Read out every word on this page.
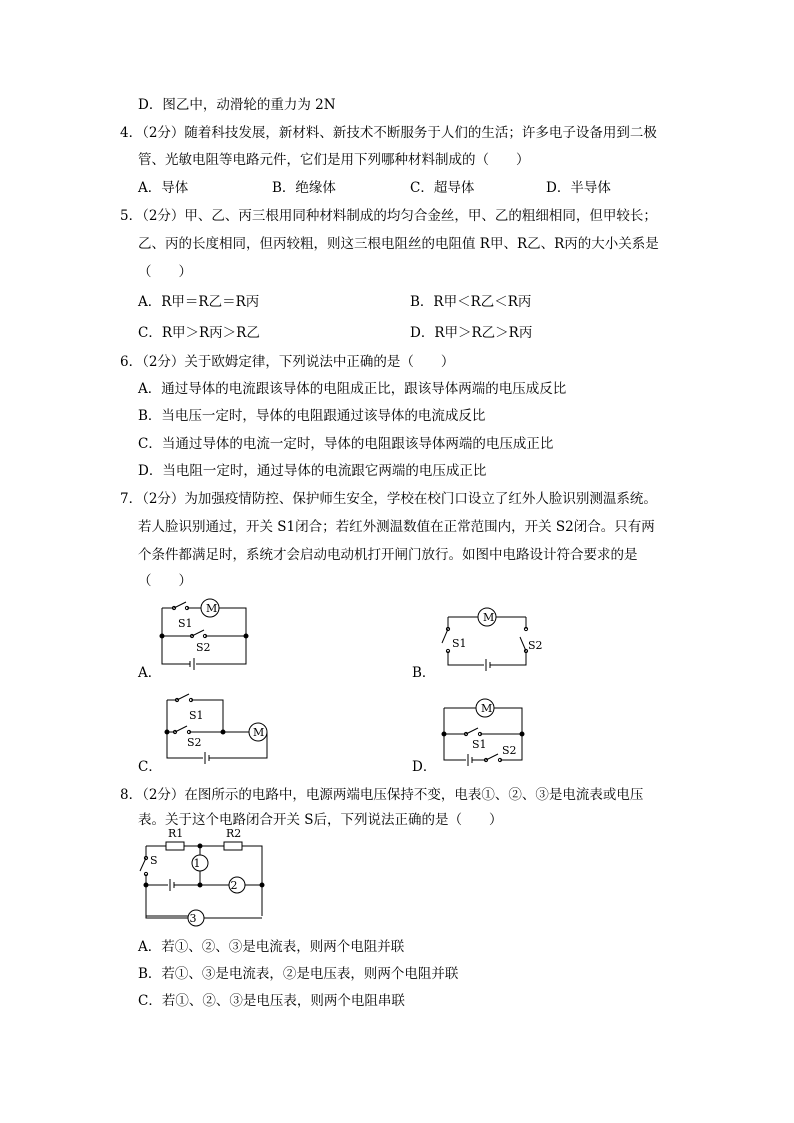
D．图乙中，动滑轮的重力为 2N
4．（2分）随着科技发展，新材料、新技术不断服务于人们的生活；许多电子设备用到二极
管、光敏电阻等电路元件，它们是用下列哪种材料制成的（　　）
A．导体	B．绝缘体	C．超导体	D．半导体
5．（2分）甲、乙、丙三根用同种材料制成的均匀合金丝，甲、乙的粗细相同，但甲较长；
乙、丙的长度相同，但丙较粗，则这三根电阻丝的电阻值 R甲、R乙、R丙的大小关系是
（　　）
A．R甲＝R乙＝R丙	B．R甲＜R乙＜R丙
C．R甲＞R丙＞R乙	D．R甲＞R乙＞R丙
6．（2分）关于欧姆定律，下列说法中正确的是（　　）
A．通过导体的电流跟该导体的电阻成正比，跟该导体两端的电压成反比
B．当电压一定时，导体的电阻跟通过该导体的电流成反比
C．当通过导体的电流一定时，导体的电阻跟该导体两端的电压成正比
D．当电阻一定时，通过导体的电流跟它两端的电压成正比
7．（2分）为加强疫情防控、保护师生安全，学校在校门口设立了红外人脸识别测温系统。
若人脸识别通过，开关 S1闭合；若红外测温数值在正常范围内，开关 S2闭合。只有两
个条件都满足时，系统才会启动电动机打开闸门放行。如图中电路设计符合要求的是
（　　）
A．
M
S1
S2
B．
M
S1	S2
C．
M
S1
S2
D．
M
S1 S2
8．（2分）在图所示的电路中，电源两端电压保持不变，电表①、②、③是电流表或电压
表。关于这个电路闭合开关 S后，下列说法正确的是（　　）
S
R1	R2
1
2
3
A．若①、②、③是电流表，则两个电阻并联
B．若①、③是电流表，②是电压表，则两个电阻并联
C．若①、②、③是电压表，则两个电阻串联
